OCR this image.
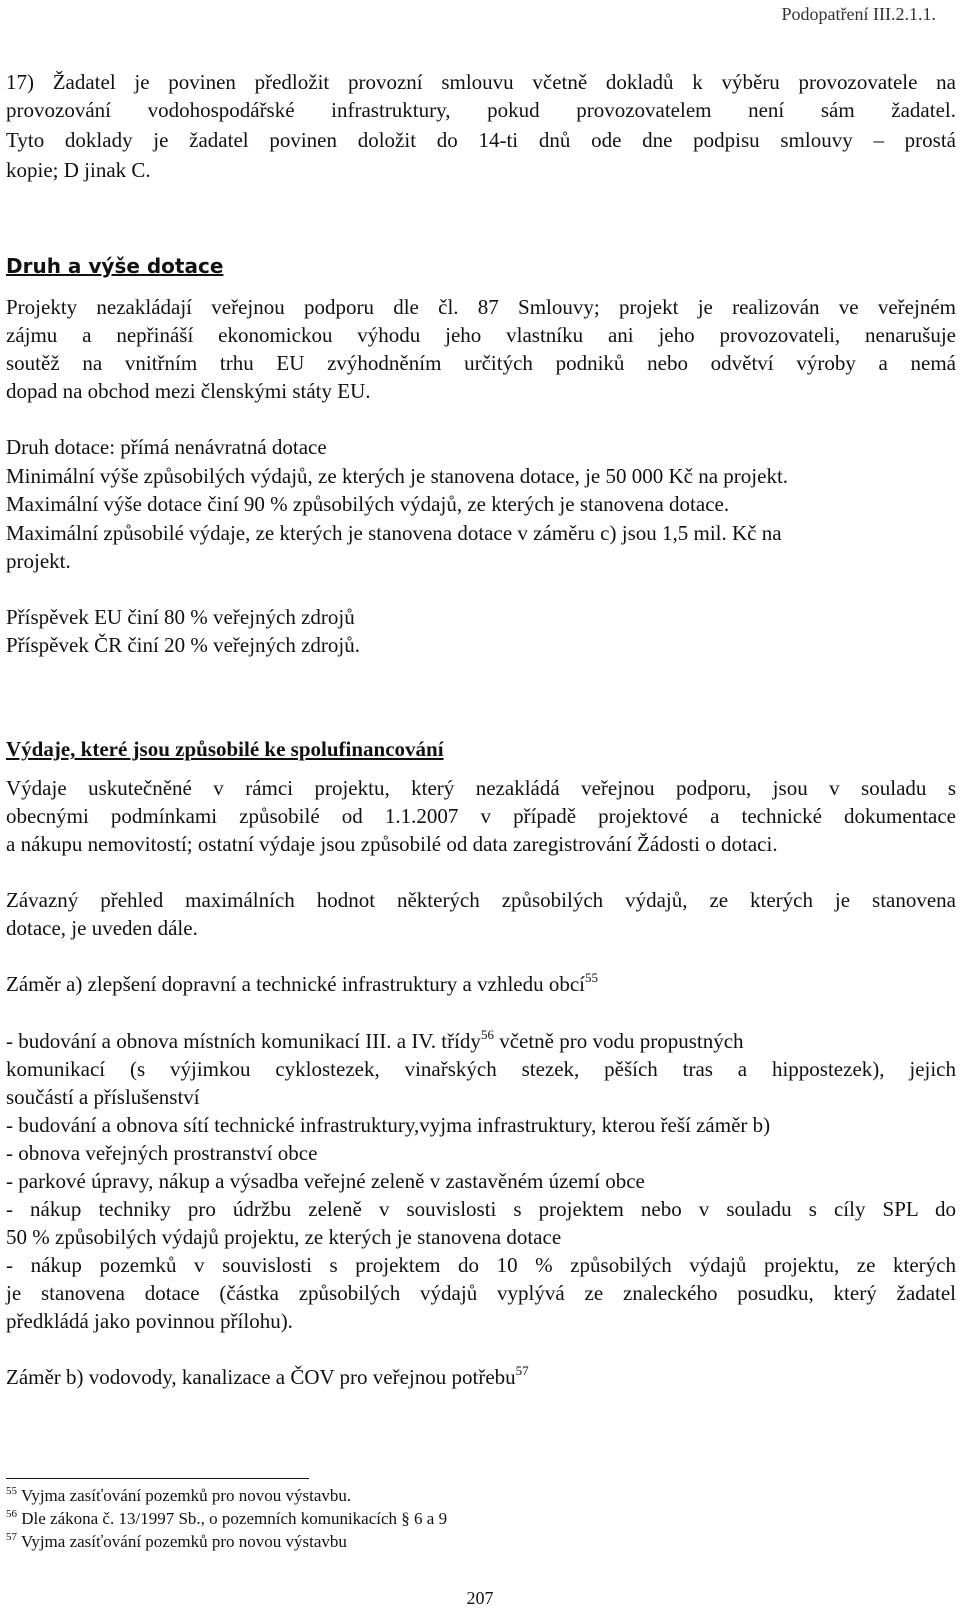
Podopatření III.2.1.1.
17) Žadatel je povinen předložit provozní smlouvu včetně dokladů k výběru provozovatele na
provozování vodohospodářské infrastruktury, pokud provozovatelem není sám žadatel.
Tyto doklady je žadatel povinen doložit do 14-ti dnů ode dne podpisu smlouvy – prostá
kopie; D jinak C.
Druh a výše dotace
Projekty nezakládají veřejnou podporu dle čl. 87 Smlouvy; projekt je realizován ve veřejném
zájmu a nepřináší ekonomickou výhodu jeho vlastníku ani jeho provozovateli, nenarušuje
soutěž na vnitřním trhu EU zvýhodněním určitých podniků nebo odvětví výroby a nemá
dopad na obchod mezi členskými státy EU.
Druh dotace: přímá nenávratná dotace
Minimální výše způsobilých výdajů, ze kterých je stanovena dotace, je 50 000 Kč na projekt.
Maximální výše dotace činí 90 % způsobilých výdajů, ze kterých je stanovena dotace.
Maximální způsobilé výdaje, ze kterých je stanovena dotace v záměru c) jsou 1,5 mil. Kč na
projekt.
Příspěvek EU činí 80 % veřejných zdrojů
Příspěvek ČR činí 20 % veřejných zdrojů.
Výdaje, které jsou způsobilé ke spolufinancování
Výdaje uskutečněné v rámci projektu, který nezakládá veřejnou podporu, jsou v souladu s
obecnými podmínkami způsobilé od 1.1.2007 v případě projektové a technické dokumentace
a nákupu nemovitostí; ostatní výdaje jsou způsobilé od data zaregistrování Žádosti o dotaci.
Závazný přehled maximálních hodnot některých způsobilých výdajů, ze kterých je stanovena
dotace, je uveden dále.
Záměr a) zlepšení dopravní a technické infrastruktury a vzhledu obcí$^{55}$
- budování a obnova místních komunikací III. a IV. třídy$^{56}$ včetně pro vodu propustných
komunikací (s výjimkou cyklostezek, vinařských stezek, pěších tras a hippostezek), jejich
součástí a příslušenství
- budování a obnova sítí technické infrastruktury,vyjma infrastruktury, kterou řeší záměr b)
- obnova veřejných prostranství obce
- parkové úpravy, nákup a výsadba veřejné zeleně v zastavěném území obce
- nákup techniky pro údržbu zeleně v souvislosti s projektem nebo v souladu s cíly SPL do
50 % způsobilých výdajů projektu, ze kterých je stanovena dotace
- nákup pozemků v souvislosti s projektem do 10 % způsobilých výdajů projektu, ze kterých
je stanovena dotace (částka způsobilých výdajů vyplývá ze znaleckého posudku, který žadatel
předkládá jako povinnou přílohu).
Záměr b) vodovody, kanalizace a ČOV pro veřejnou potřebu$^{57}$
$^{55}$ Vyjma zasíťování pozemků pro novou výstavbu.
$^{56}$ Dle zákona č. 13/1997 Sb., o pozemních komunikacích § 6 a 9
$^{57}$ Vyjma zasíťování pozemků pro novou výstavbu
207
